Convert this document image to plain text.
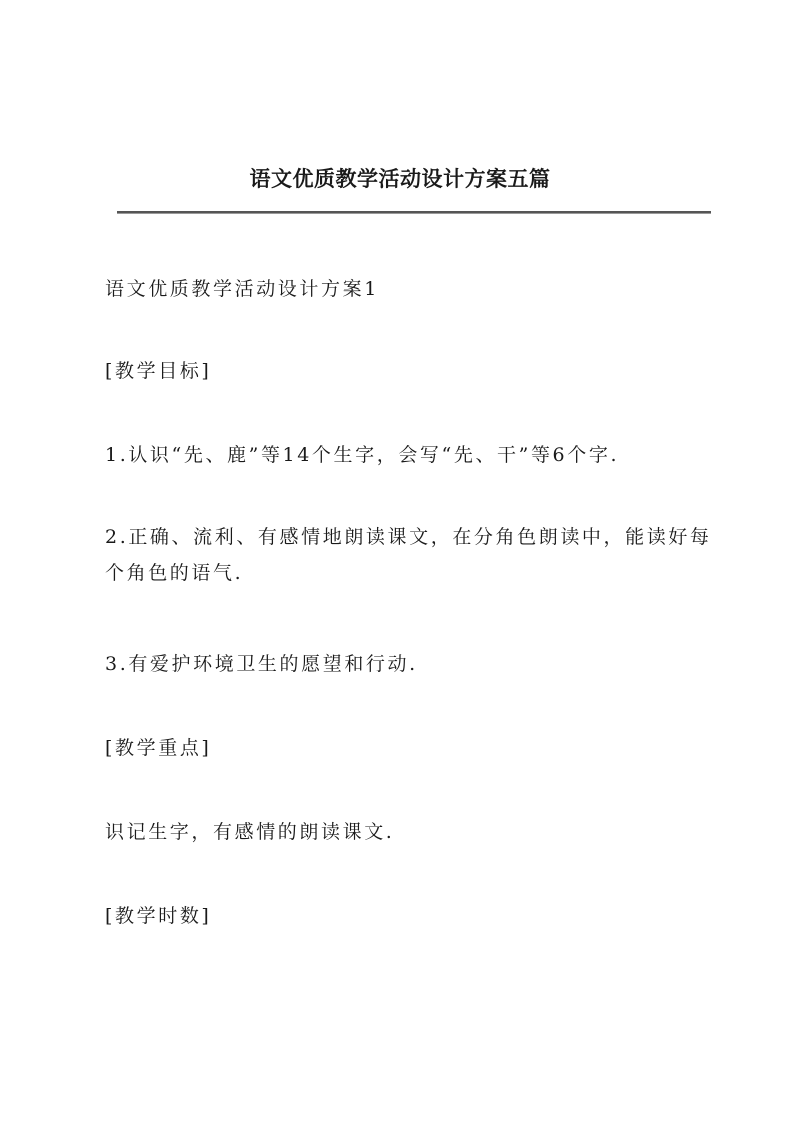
语文优质教学活动设计方案五篇
语文优质教学活动设计方案1
[教学目标]
1.认识“先、鹿”等14个生字，会写“先、干”等6个字.
2.正确、流利、有感情地朗读课文，在分角色朗读中，能读好每个角色的语气.
3.有爱护环境卫生的愿望和行动.
[教学重点]
识记生字，有感情的朗读课文.
[教学时数]
